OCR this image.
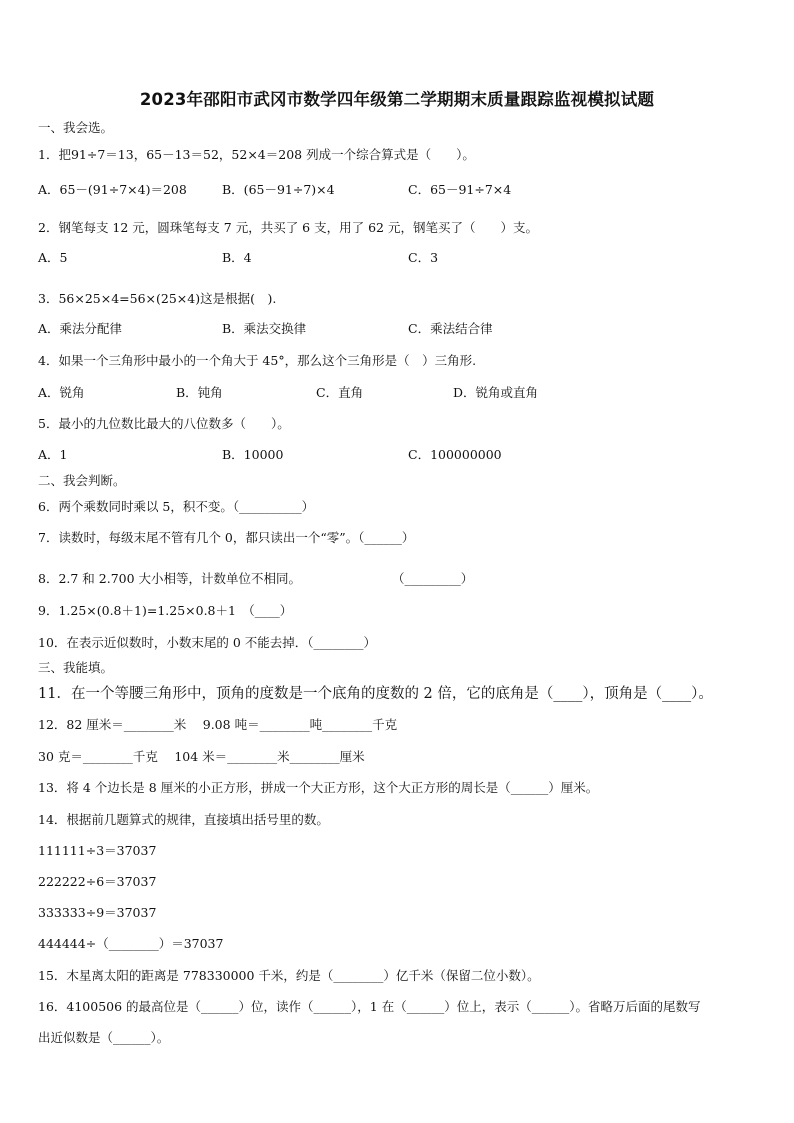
2023年邵阳市武冈市数学四年级第二学期期末质量跟踪监视模拟试题
一、我会选。
1．把91÷7＝13，65－13＝52，52×4＝208 列成一个综合算式是（　　）。
A．65－(91÷7×4)＝208	B．(65－91÷7)×4	C．65－91÷7×4
2．钢笔每支 12 元，圆珠笔每支 7 元，共买了 6 支，用了 62 元，钢笔买了（　　）支。
A．5	B．4	C．3
3．56×25×4=56×(25×4)这是根据(　).
A．乘法分配律	B．乘法交换律	C．乘法结合律
4．如果一个三角形中最小的一个角大于 45°，那么这个三角形是（　）三角形.
A．锐角	B．钝角	C．直角	D．锐角或直角
5．最小的九位数比最大的八位数多（　　）。
A．1	B．10000	C．100000000
二、我会判断。
6．两个乘数同时乘以 5，积不变。（__________）
7．读数时，每级末尾不管有几个 0，都只读出一个“零”。（______）
8．2.7 和 2.700 大小相等，计数单位不相同。	（_________）
9．1.25×(0.8＋1)=1.25×0.8＋1　（____）
10．在表示近似数时，小数末尾的 0 不能去掉．（________）
三、我能填。
11．在一个等腰三角形中，顶角的度数是一个底角的度数的 2 倍，它的底角是（____），顶角是（____）。
12．82 厘米＝________米　 9.08 吨＝________吨________千克
30 克＝________千克　 104 米＝________米________厘米
13．将 4 个边长是 8 厘米的小正方形，拼成一个大正方形，这个大正方形的周长是（______）厘米。
14．根据前几题算式的规律，直接填出括号里的数。
111111÷3＝37037
222222÷6＝37037
333333÷9＝37037
444444÷（________）＝37037
15．木星离太阳的距离是 778330000 千米，约是（________）亿千米（保留二位小数）。
16．4100506 的最高位是（______）位，读作（______），1 在（______）位上，表示（______）。省略万后面的尾数写
出近似数是（______）。
